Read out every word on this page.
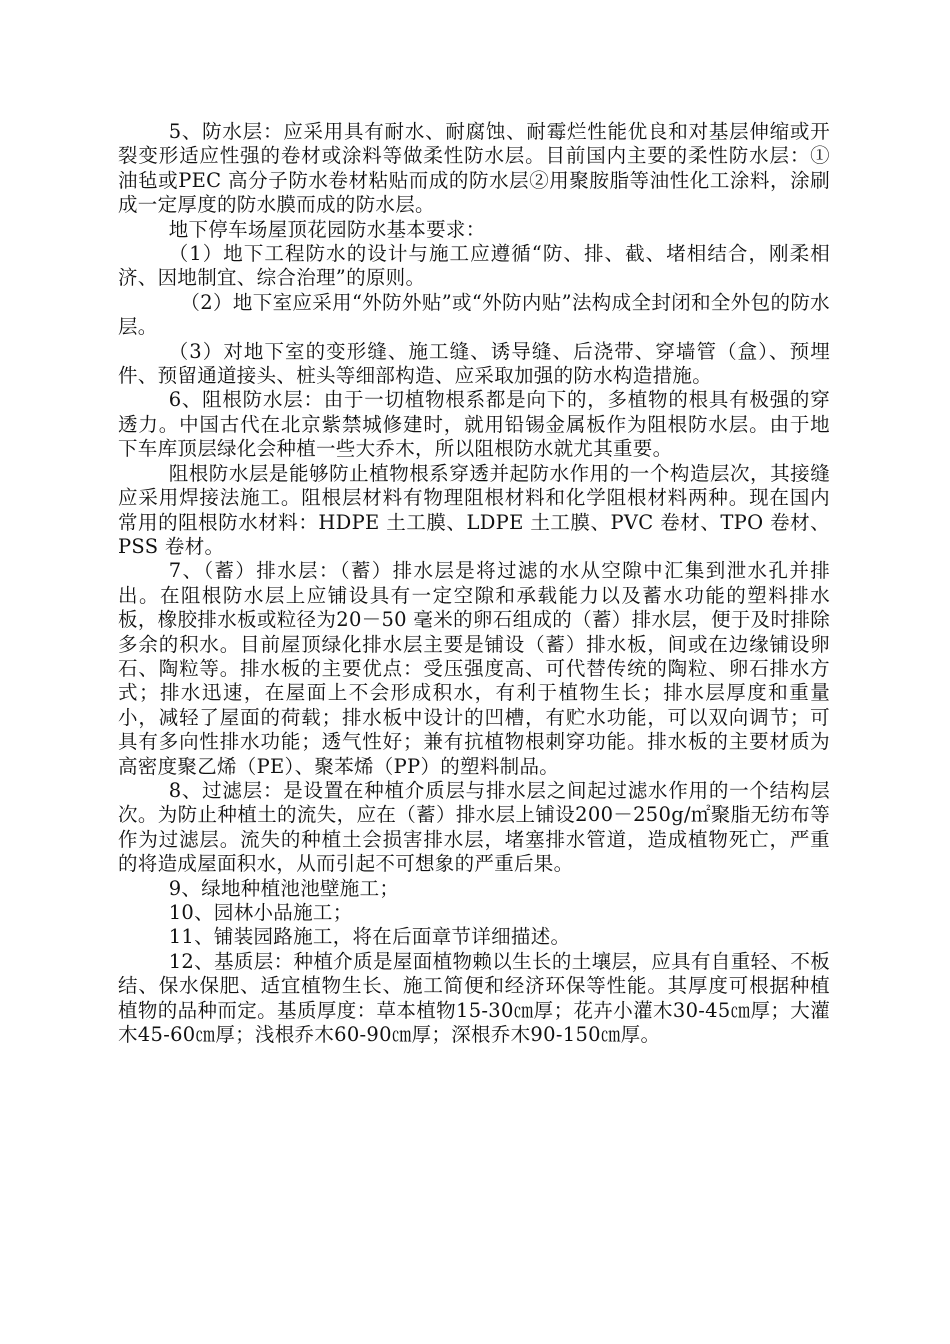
5、防水层：应采用具有耐水、耐腐蚀、耐霉烂性能优良和对基层伸缩或开裂变形适应性强的卷材或涂料等做柔性防水层。目前国内主要的柔性防水层：①油毡或PEC 高分子防水卷材粘贴而成的防水层②用聚胺脂等油性化工涂料，涂刷成一定厚度的防水膜而成的防水层。

地下停车场屋顶花园防水基本要求：

（1）地下工程防水的设计与施工应遵循“防、排、截、堵相结合，刚柔相济、因地制宜、综合治理”的原则。

（2）地下室应采用“外防外贴”或“外防内贴”法构成全封闭和全外包的防水层。

（3）对地下室的变形缝、施工缝、诱导缝、后浇带、穿墙管（盒）、预埋件、预留通道接头、桩头等细部构造、应采取加强的防水构造措施。

6、阻根防水层：由于一切植物根系都是向下的，多植物的根具有极强的穿透力。中国古代在北京紫禁城修建时，就用铅锡金属板作为阻根防水层。由于地下车库顶层绿化会种植一些大乔木，所以阻根防水就尤其重要。

阻根防水层是能够防止植物根系穿透并起防水作用的一个构造层次，其接缝应采用焊接法施工。阻根层材料有物理阻根材料和化学阻根材料两种。现在国内常用的阻根防水材料：HDPE 土工膜、LDPE 土工膜、PVC 卷材、TPO 卷材、PSS 卷材。

7、（蓄）排水层：（蓄）排水层是将过滤的水从空隙中汇集到泄水孔并排出。在阻根防水层上应铺设具有一定空隙和承载能力以及蓄水功能的塑料排水板，橡胶排水板或粒径为20－50 毫米的卵石组成的（蓄）排水层，便于及时排除多余的积水。目前屋顶绿化排水层主要是铺设（蓄）排水板，间或在边缘铺设卵石、陶粒等。排水板的主要优点：受压强度高、可代替传统的陶粒、卵石排水方式；排水迅速，在屋面上不会形成积水，有利于植物生长；排水层厚度和重量小，减轻了屋面的荷载；排水板中设计的凹槽，有贮水功能，可以双向调节；可具有多向性排水功能；透气性好；兼有抗植物根刺穿功能。排水板的主要材质为高密度聚乙烯（PE）、聚苯烯（PP）的塑料制品。

8、过滤层：是设置在种植介质层与排水层之间起过滤水作用的一个结构层次。为防止种植土的流失，应在（蓄）排水层上铺设200－250g/㎡聚脂无纺布等作为过滤层。流失的种植土会损害排水层，堵塞排水管道，造成植物死亡，严重的将造成屋面积水，从而引起不可想象的严重后果。

9、绿地种植池池壁施工；

10、园林小品施工；

11、铺装园路施工，将在后面章节详细描述。

12、基质层：种植介质是屋面植物赖以生长的土壤层，应具有自重轻、不板结、保水保肥、适宜植物生长、施工简便和经济环保等性能。其厚度可根据种植植物的品种而定。基质厚度：草本植物15-30㎝厚；花卉小灌木30-45㎝厚；大灌木45-60㎝厚；浅根乔木60-90㎝厚；深根乔木90-150㎝厚。
